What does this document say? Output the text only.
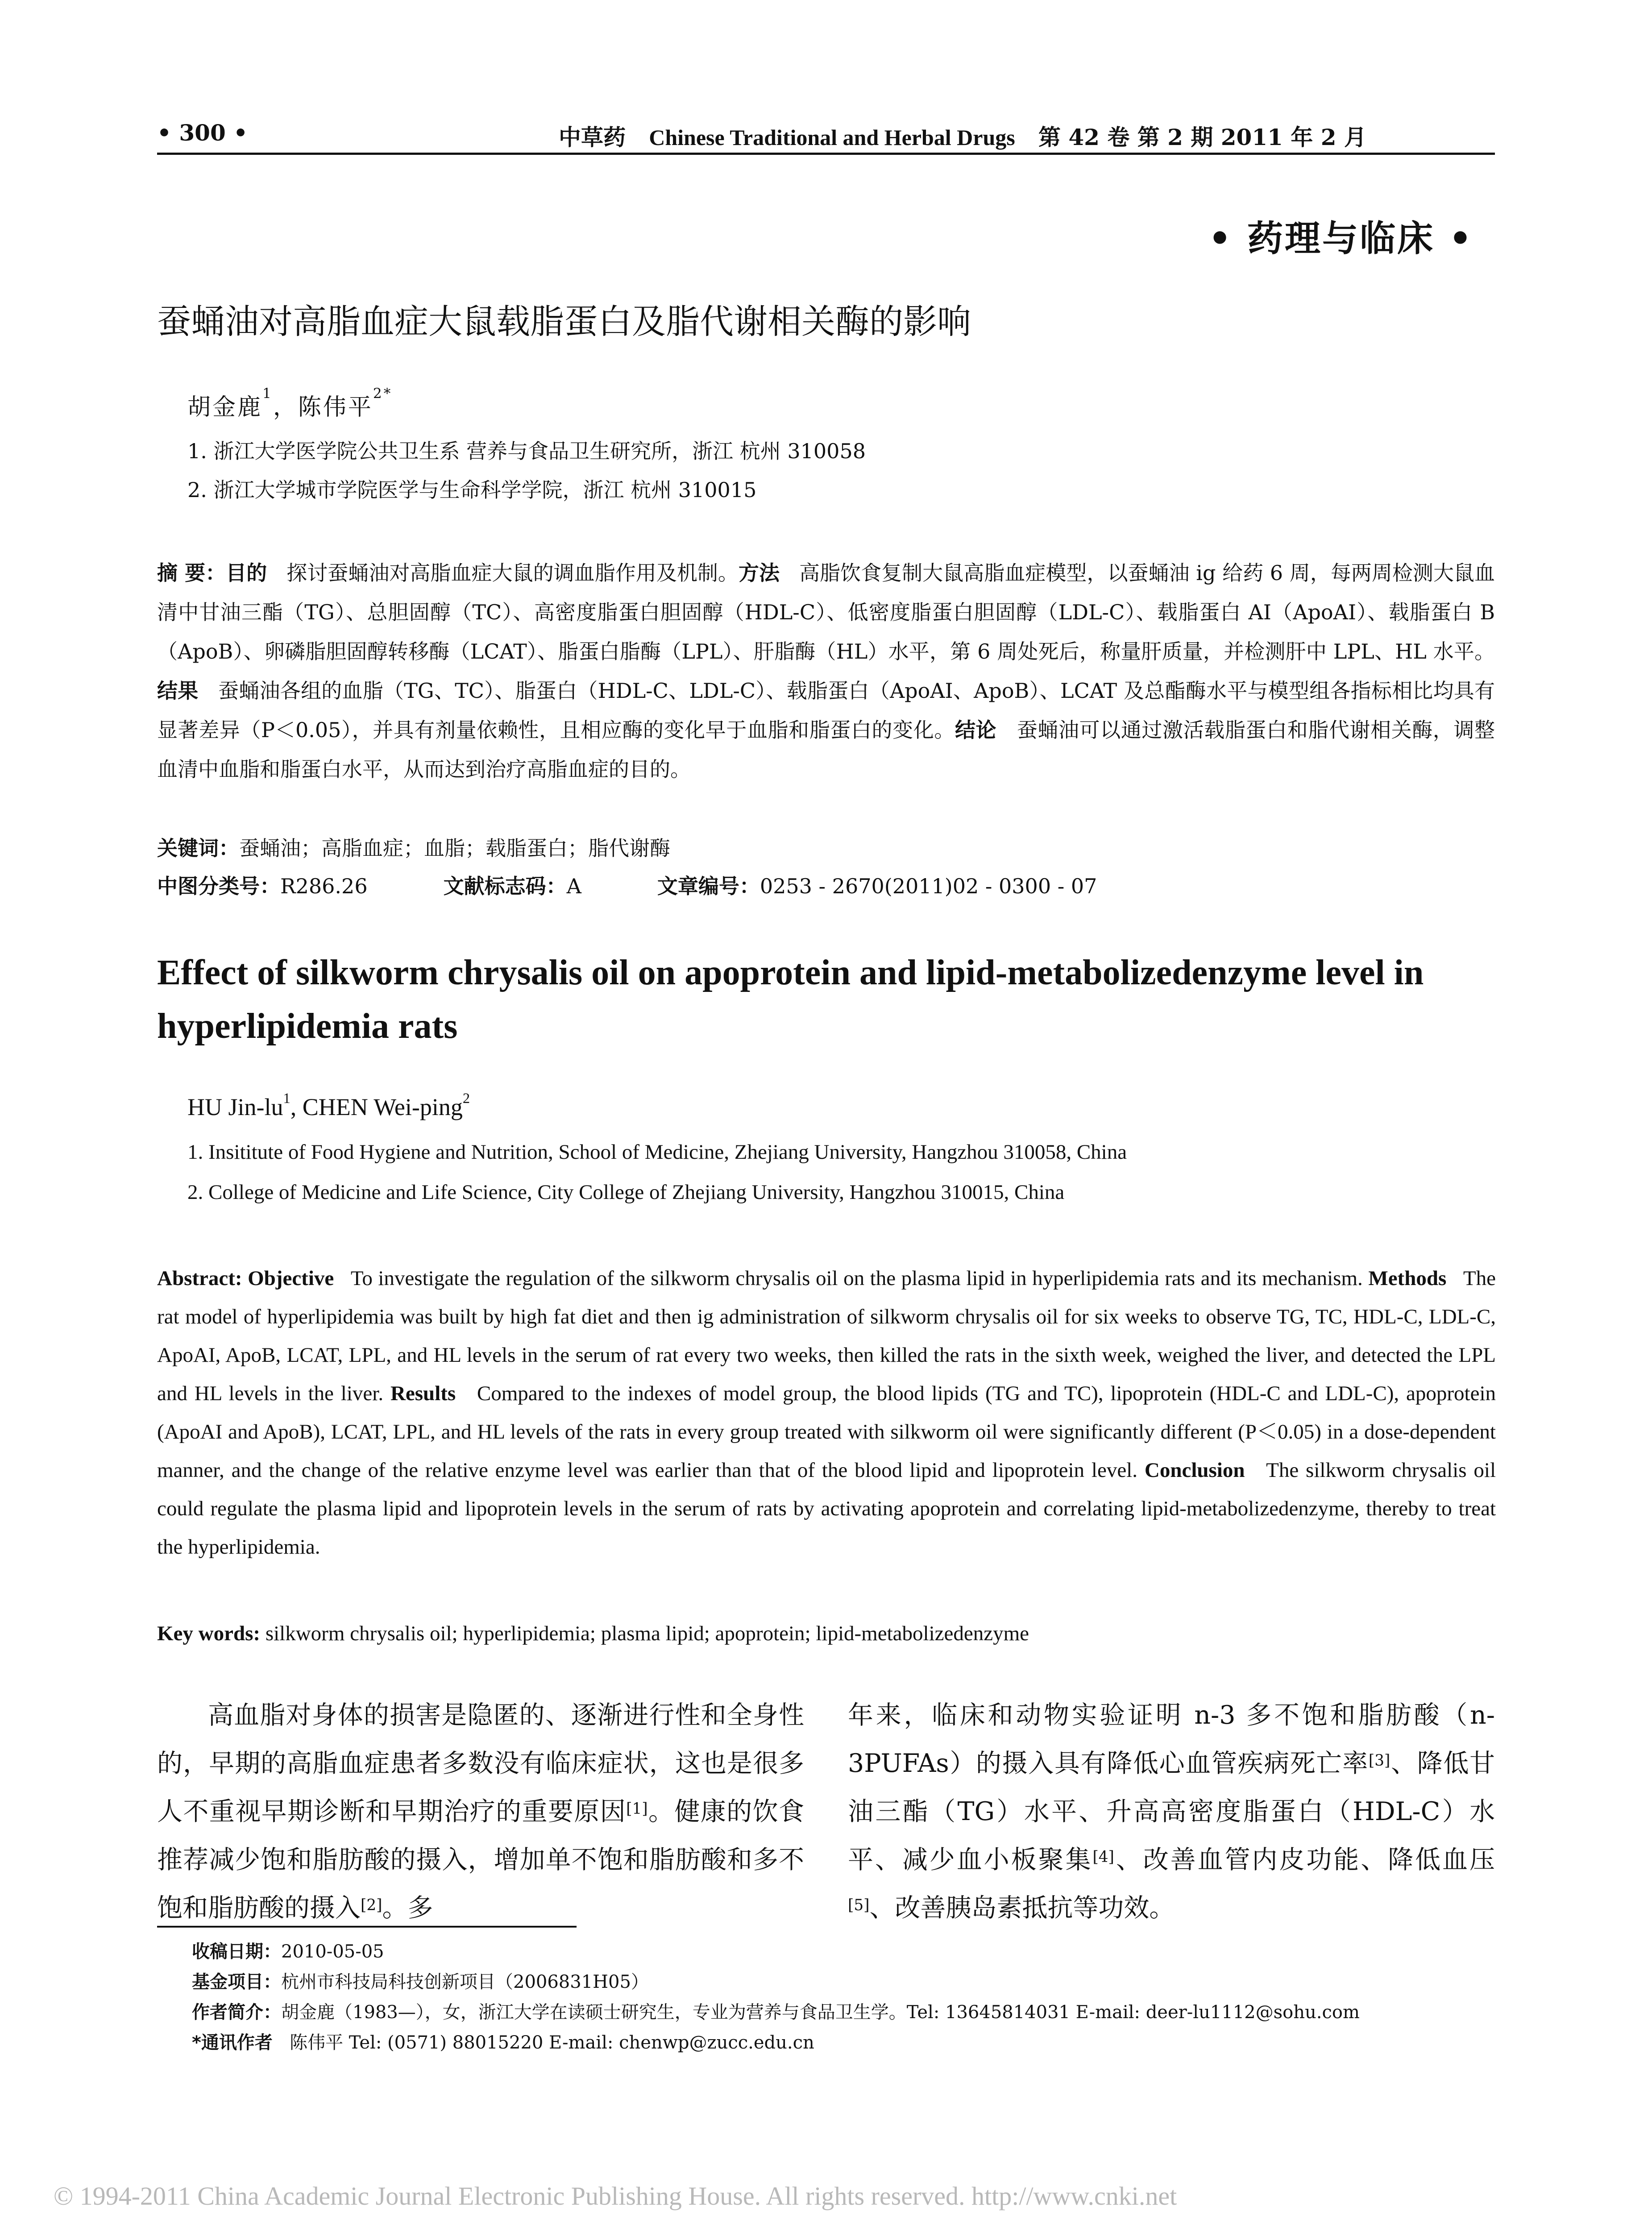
• 300 •	中草药 Chinese Traditional and Herbal Drugs 第 42 卷 第 2 期 2011 年 2 月
• 药理与临床 •
蚕蛹油对高脂血症大鼠载脂蛋白及脂代谢相关酶的影响
胡金鹿$^1$，陈伟平$^{2*}$
1. 浙江大学医学院公共卫生系 营养与食品卫生研究所，浙江 杭州 310058
2. 浙江大学城市学院医学与生命科学学院，浙江 杭州 310015
摘 要：目的 探讨蚕蛹油对高脂血症大鼠的调血脂作用及机制。方法 高脂饮食复制大鼠高脂血症模型，以蚕蛹油 ig 给药 6 周，每两周检测大鼠血清中甘油三酯（TG）、总胆固醇（TC）、高密度脂蛋白胆固醇（HDL-C）、低密度脂蛋白胆固醇（LDL-C）、载脂蛋白 AI（ApoAI）、载脂蛋白 B（ApoB）、卵磷脂胆固醇转移酶（LCAT）、脂蛋白脂酶（LPL）、肝脂酶（HL）水平，第 6 周处死后，称量肝质量，并检测肝中 LPL、HL 水平。结果 蚕蛹油各组的血脂（TG、TC）、脂蛋白（HDL-C、LDL-C）、载脂蛋白（ApoAI、ApoB）、LCAT 及总酯酶水平与模型组各指标相比均具有显著差异（P＜0.05），并具有剂量依赖性，且相应酶的变化早于血脂和脂蛋白的变化。结论 蚕蛹油可以通过激活载脂蛋白和脂代谢相关酶，调整血清中血脂和脂蛋白水平，从而达到治疗高脂血症的目的。
关键词：蚕蛹油；高脂血症；血脂；载脂蛋白；脂代谢酶
中图分类号：R286.26	文献标志码：A	文章编号：0253 - 2670(2011)02 - 0300 - 07
Effect of silkworm chrysalis oil on apoprotein and lipid-metabolizedenzyme level in hyperlipidemia rats
HU Jin-$lu^1$, CHEN Wei-ping$^2$
1. Insititute of Food Hygiene and Nutrition, School of Medicine, Zhejiang University, Hangzhou 310058, China
2. College of Medicine and Life Science, City College of Zhejiang University, Hangzhou 310015, China
Abstract: Objective To investigate the regulation of the silkworm chrysalis oil on the plasma lipid in hyperlipidemia rats and its mechanism. Methods The rat model of hyperlipidemia was built by high fat diet and then ig administration of silkworm chrysalis oil for six weeks to observe TG, TC, HDL-C, LDL-C, ApoAI, ApoB, LCAT, LPL, and HL levels in the serum of rat every two weeks, then killed the rats in the sixth week, weighed the liver, and detected the LPL and HL levels in the liver. Results Compared to the indexes of model group, the blood lipids (TG and TC), lipoprotein (HDL-C and LDL-C), apoprotein (ApoAI and ApoB), LCAT, LPL, and HL levels of the rats in every group treated with silkworm oil were significantly different (P＜0.05) in a dose-dependent manner, and the change of the relative enzyme level was earlier than that of the blood lipid and lipoprotein level. Conclusion The silkworm chrysalis oil could regulate the plasma lipid and lipoprotein levels in the serum of rats by activating apoprotein and correlating lipid-metabolizedenzyme, thereby to treat the hyperlipidemia.
Key words: silkworm chrysalis oil; hyperlipidemia; plasma lipid; apoprotein; lipid-metabolizedenzyme
高血脂对身体的损害是隐匿的、逐渐进行性和全身性的，早期的高脂血症患者多数没有临床症状，这也是很多人不重视早期诊断和早期治疗的重要原因[1]。健康的饮食推荐减少饱和脂肪酸的摄入，增加单不饱和脂肪酸和多不饱和脂肪酸的摄入[2]。多
年来，临床和动物实验证明 n-3 多不饱和脂肪酸（n-3PUFAs）的摄入具有降低心血管疾病死亡率[3]、降低甘油三酯（TG）水平、升高高密度脂蛋白（HDL-C）水平、减少血小板聚集[4]、改善血管内皮功能、降低血压[5]、改善胰岛素抵抗等功效。
收稿日期：2010-05-05
基金项目：杭州市科技局科技创新项目（2006831H05）
作者简介：胡金鹿（1983—），女，浙江大学在读硕士研究生，专业为营养与食品卫生学。Tel: 13645814031 E-mail: deer-lu1112@sohu.com
*通讯作者 陈伟平 Tel: (0571) 88015220 E-mail: chenwp@zucc.edu.cn
© 1994-2011 China Academic Journal Electronic Publishing House. All rights reserved. http://www.cnki.net
